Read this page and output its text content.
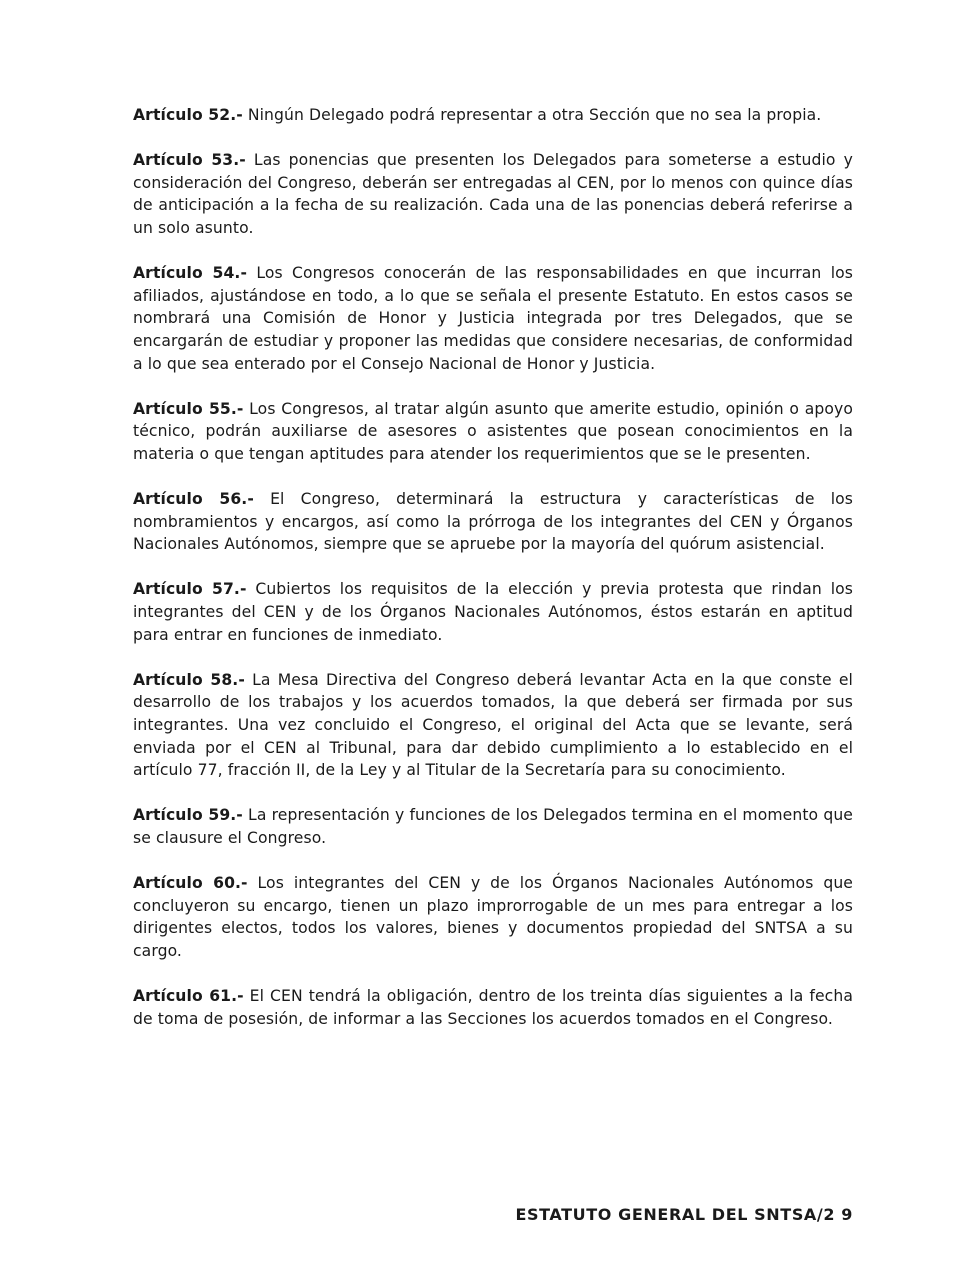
Artículo 52.- Ningún Delegado podrá representar a otra Sección que no sea la propia.

Artículo 53.- Las ponencias que presenten los Delegados para someterse a estudio y consideración del Congreso, deberán ser entregadas al CEN, por lo menos con quince días de anticipación a la fecha de su realización. Cada una de las ponencias deberá referirse a un solo asunto.

Artículo 54.- Los Congresos conocerán de las responsabilidades en que incurran los afiliados, ajustándose en todo, a lo que se señala el presente Estatuto. En estos casos se nombrará una Comisión de Honor y Justicia integrada por tres Delegados, que se encargarán de estudiar y proponer las medidas que considere necesarias, de conformidad a lo que sea enterado por el Consejo Nacional de Honor y Justicia.

Artículo 55.- Los Congresos, al tratar algún asunto que amerite estudio, opinión o apoyo técnico, podrán auxiliarse de asesores o asistentes que posean conocimientos en la materia o que tengan aptitudes para atender los requerimientos que se le presenten.

Artículo 56.- El Congreso, determinará la estructura y características de los nombramientos y encargos, así como la prórroga de los integrantes del CEN y Órganos Nacionales Autónomos, siempre que se apruebe por la mayoría del quórum asistencial.

Artículo 57.- Cubiertos los requisitos de la elección y previa protesta que rindan los integrantes del CEN y de los Órganos Nacionales Autónomos, éstos estarán en aptitud para entrar en funciones de inmediato.

Artículo 58.- La Mesa Directiva del Congreso deberá levantar Acta en la que conste el desarrollo de los trabajos y los acuerdos tomados, la que deberá ser firmada por sus integrantes. Una vez concluido el Congreso, el original del Acta que se levante, será enviada por el CEN al Tribunal, para dar debido cumplimiento a lo establecido en el artículo 77, fracción II, de la Ley y al Titular de la Secretaría para su conocimiento.

Artículo 59.- La representación y funciones de los Delegados termina en el momento que se clausure el Congreso.

Artículo 60.- Los integrantes del CEN y de los Órganos Nacionales Autónomos que concluyeron su encargo, tienen un plazo improrrogable de un mes para entregar a los dirigentes electos, todos los valores, bienes y documentos propiedad del SNTSA a su cargo.

Artículo 61.- El CEN tendrá la obligación, dentro de los treinta días siguientes a la fecha de toma de posesión, de informar a las Secciones los acuerdos tomados en el Congreso.

ESTATUTO GENERAL DEL SNTSA/2 9
